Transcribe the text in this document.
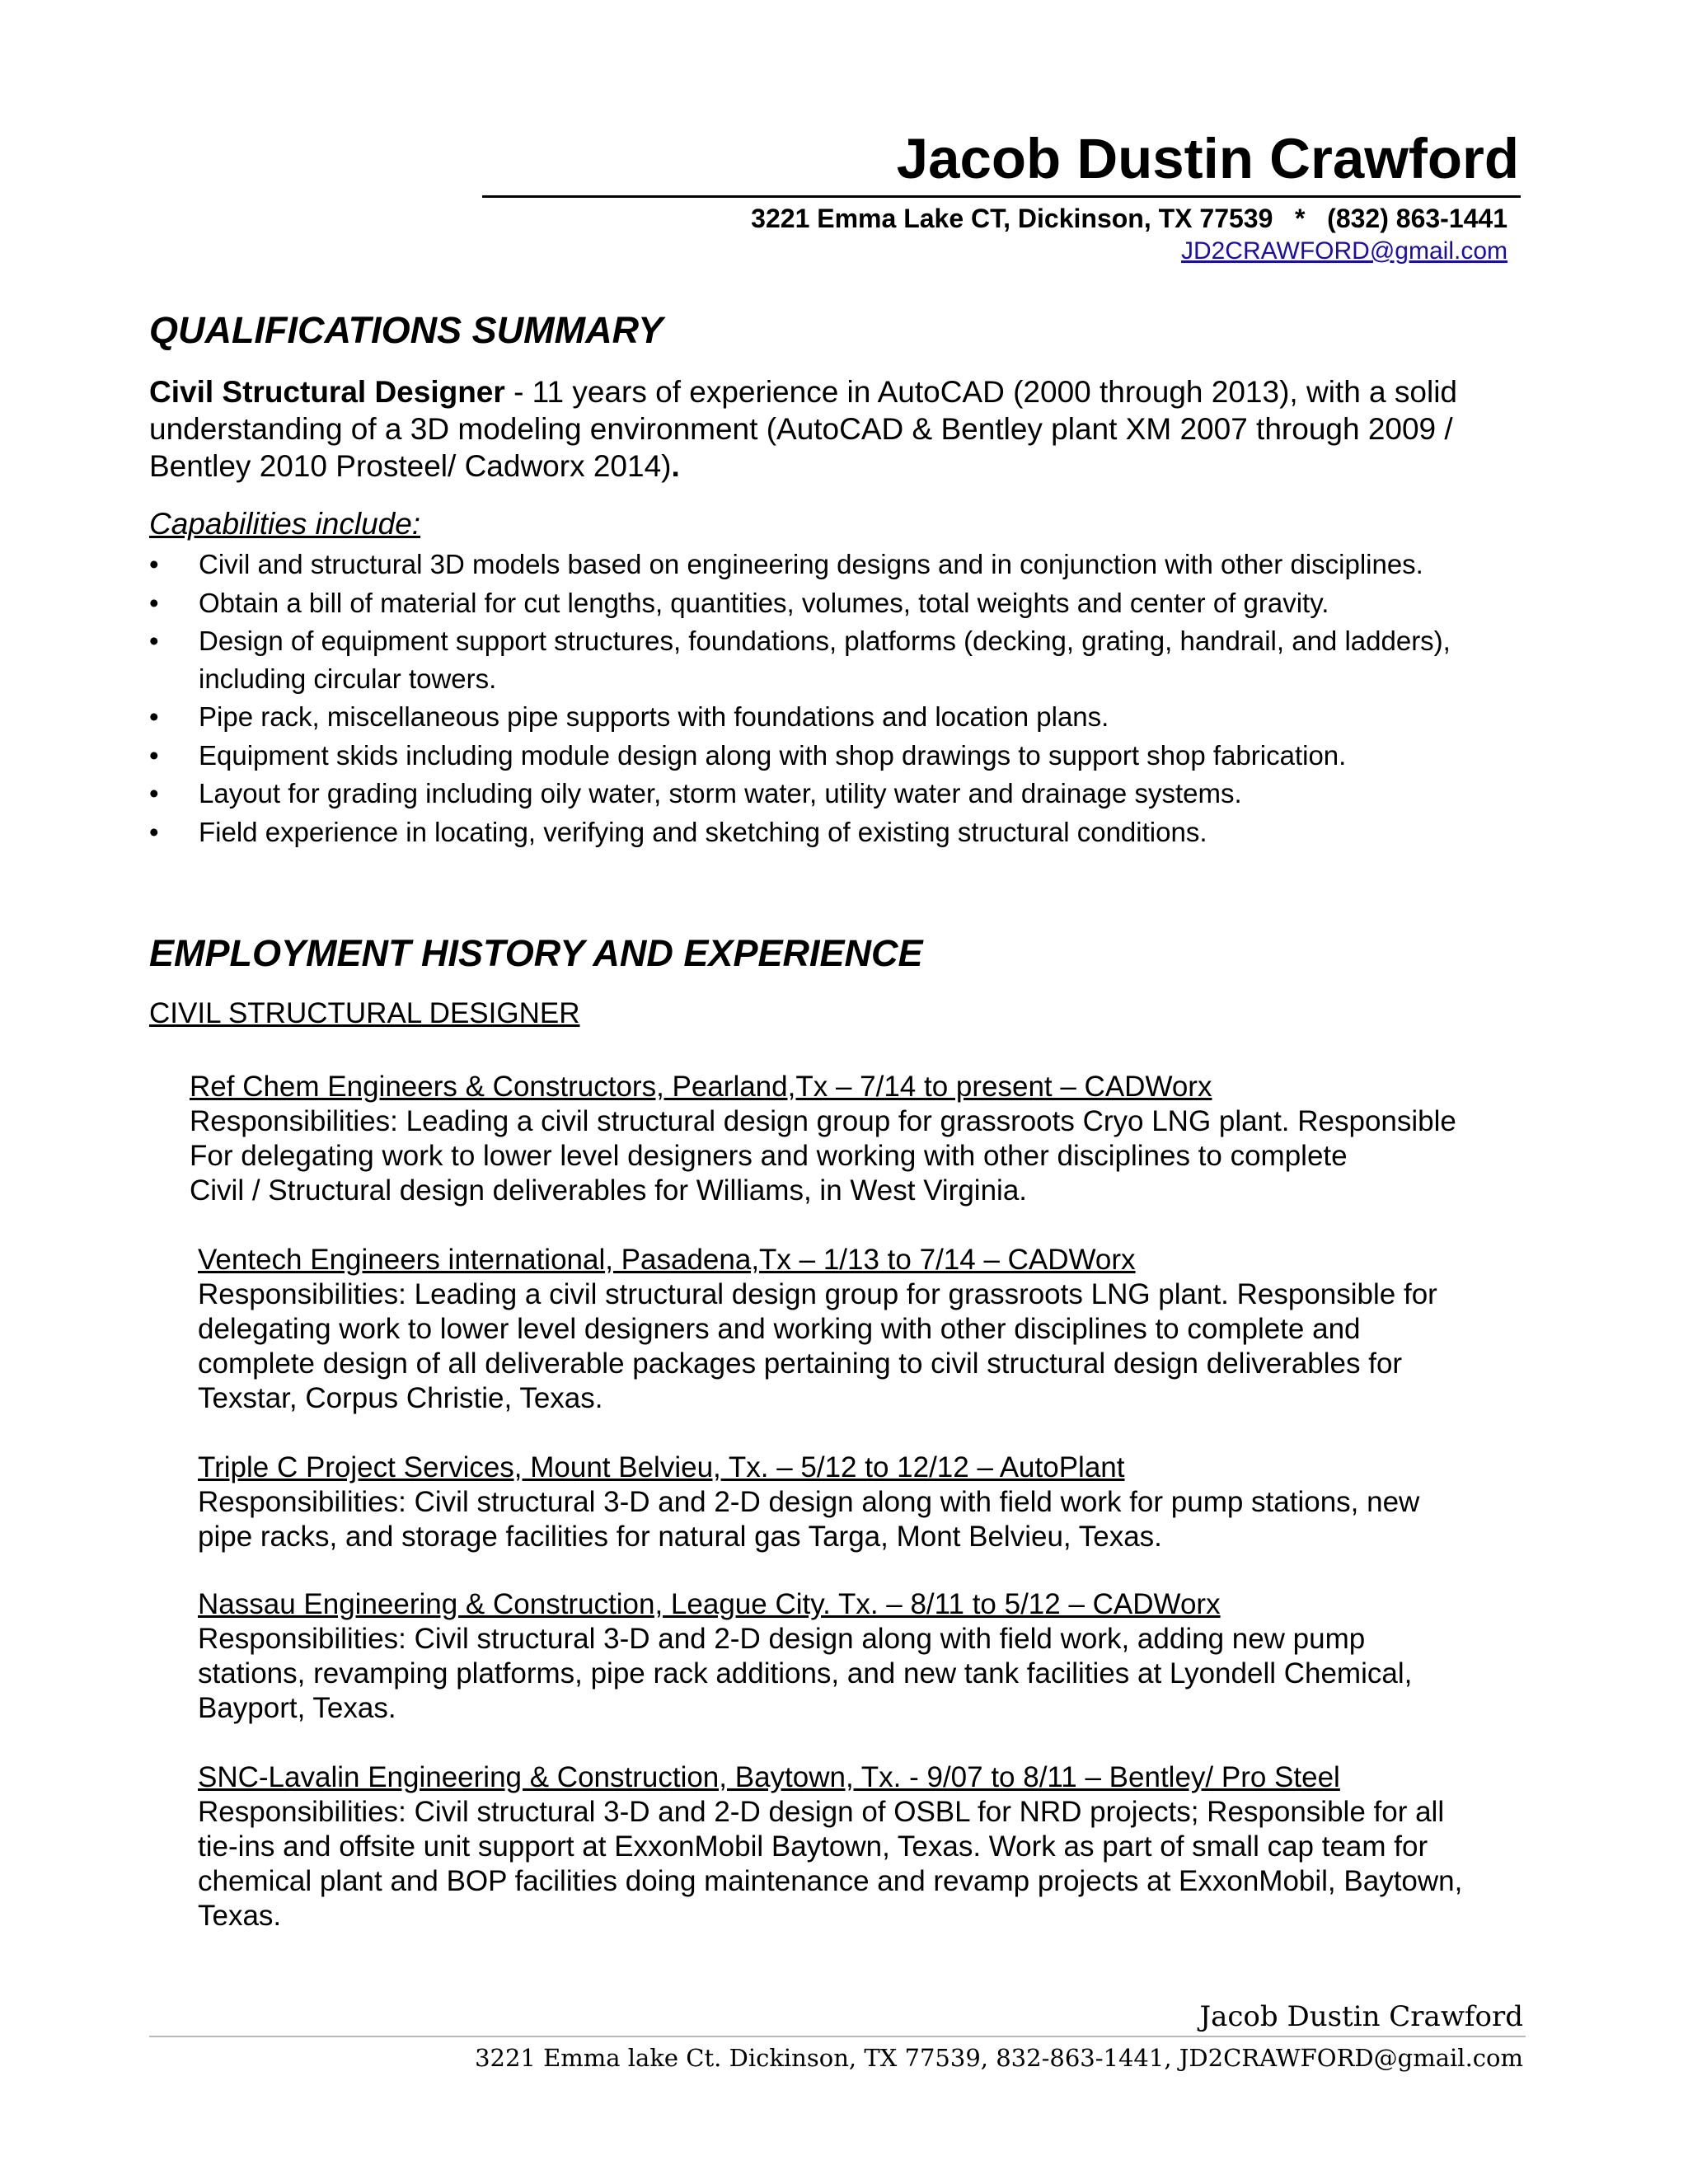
Jacob Dustin Crawford
3221 Emma Lake CT, Dickinson, TX 77539   *   (832) 863-1441
JD2CRAWFORD@gmail.com
QUALIFICATIONS SUMMARY
Civil Structural Designer - 11 years of experience in AutoCAD (2000 through 2013), with a solid understanding of a 3D modeling environment (AutoCAD & Bentley plant XM 2007 through 2009 / Bentley 2010 Prosteel/ Cadworx 2014).
Capabilities include:
• Civil and structural 3D models based on engineering designs and in conjunction with other disciplines.
• Obtain a bill of material for cut lengths, quantities, volumes, total weights and center of gravity.
• Design of equipment support structures, foundations, platforms (decking, grating, handrail, and ladders), including circular towers.
• Pipe rack, miscellaneous pipe supports with foundations and location plans.
• Equipment skids including module design along with shop drawings to support shop fabrication.
• Layout for grading including oily water, storm water, utility water and drainage systems.
• Field experience in locating, verifying and sketching of existing structural conditions.
EMPLOYMENT HISTORY AND EXPERIENCE
CIVIL STRUCTURAL DESIGNER
Ref Chem Engineers & Constructors, Pearland,Tx – 7/14 to present – CADWorx
Responsibilities: Leading a civil structural design group for grassroots Cryo LNG plant. Responsible
For delegating work to lower level designers and working with other disciplines to complete
Civil / Structural design deliverables for Williams, in West Virginia.
Ventech Engineers international, Pasadena,Tx – 1/13 to 7/14 – CADWorx
Responsibilities: Leading a civil structural design group for grassroots LNG plant. Responsible for
delegating work to lower level designers and working with other disciplines to complete and
complete design of all deliverable packages pertaining to civil structural design deliverables for
Texstar, Corpus Christie, Texas.
Triple C Project Services, Mount Belvieu, Tx. – 5/12 to 12/12 – AutoPlant
Responsibilities: Civil structural 3-D and 2-D design along with field work for pump stations, new
pipe racks, and storage facilities for natural gas Targa, Mont Belvieu, Texas.
Nassau Engineering & Construction, League City. Tx. – 8/11 to 5/12 – CADWorx
Responsibilities: Civil structural 3-D and 2-D design along with field work, adding new pump
stations, revamping platforms, pipe rack additions, and new tank facilities at Lyondell Chemical,
Bayport, Texas.
SNC-Lavalin Engineering & Construction, Baytown, Tx. - 9/07 to 8/11 – Bentley/ Pro Steel
Responsibilities: Civil structural 3-D and 2-D design of OSBL for NRD projects; Responsible for all
tie-ins and offsite unit support at ExxonMobil Baytown, Texas. Work as part of small cap team for
chemical plant and BOP facilities doing maintenance and revamp projects at ExxonMobil, Baytown,
Texas.
Jacob Dustin Crawford
3221 Emma lake Ct. Dickinson, TX 77539, 832-863-1441, JD2CRAWFORD@gmail.com
